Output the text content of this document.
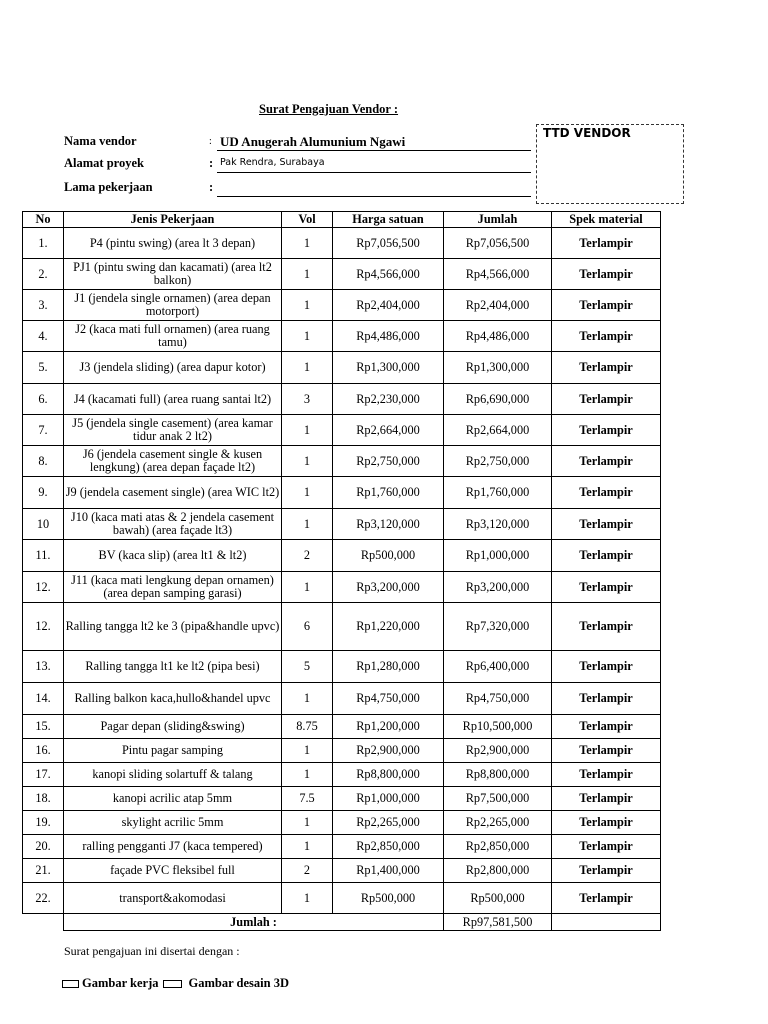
Surat Pengajuan Vendor :
Nama vendor	: UD Anugerah Alumunium Ngawi
Alamat proyek	: Pak Rendra, Surabaya
Lama pekerjaan	:
TTD VENDOR
No	Jenis Pekerjaan	Vol	Harga satuan	Jumlah	Spek material
1.	P4 (pintu swing) (area lt 3 depan)	1	Rp7,056,500	Rp7,056,500	Terlampir
2.	PJ1 (pintu swing dan kacamati) (area lt2 balkon)	1	Rp4,566,000	Rp4,566,000	Terlampir
3.	J1 (jendela single ornamen) (area depan motorport)	1	Rp2,404,000	Rp2,404,000	Terlampir
4.	J2 (kaca mati full ornamen) (area ruang tamu)	1	Rp4,486,000	Rp4,486,000	Terlampir
5.	J3 (jendela sliding) (area dapur kotor)	1	Rp1,300,000	Rp1,300,000	Terlampir
6.	J4 (kacamati full) (area ruang santai lt2)	3	Rp2,230,000	Rp6,690,000	Terlampir
7.	J5 (jendela single casement) (area kamar tidur anak 2 lt2)	1	Rp2,664,000	Rp2,664,000	Terlampir
8.	J6 (jendela casement single & kusen lengkung) (area depan façade lt2)	1	Rp2,750,000	Rp2,750,000	Terlampir
9.	J9 (jendela casement single) (area WIC lt2)	1	Rp1,760,000	Rp1,760,000	Terlampir
10	J10 (kaca mati atas & 2 jendela casement bawah) (area façade lt3)	1	Rp3,120,000	Rp3,120,000	Terlampir
11.	BV (kaca slip) (area lt1 & lt2)	2	Rp500,000	Rp1,000,000	Terlampir
12.	J11 (kaca mati lengkung depan ornamen) (area depan samping garasi)	1	Rp3,200,000	Rp3,200,000	Terlampir
12.	Ralling tangga lt2 ke 3 (pipa&handle upvc)	6	Rp1,220,000	Rp7,320,000	Terlampir
13.	Ralling tangga lt1 ke lt2 (pipa besi)	5	Rp1,280,000	Rp6,400,000	Terlampir
14.	Ralling balkon kaca,hullo&handel upvc	1	Rp4,750,000	Rp4,750,000	Terlampir
15.	Pagar depan (sliding&swing)	8.75	Rp1,200,000	Rp10,500,000	Terlampir
16.	Pintu pagar samping	1	Rp2,900,000	Rp2,900,000	Terlampir
17.	kanopi sliding solartuff & talang	1	Rp8,800,000	Rp8,800,000	Terlampir
18.	kanopi acrilic atap 5mm	7.5	Rp1,000,000	Rp7,500,000	Terlampir
19.	skylight acrilic 5mm	1	Rp2,265,000	Rp2,265,000	Terlampir
20.	ralling pengganti J7 (kaca tempered)	1	Rp2,850,000	Rp2,850,000	Terlampir
21.	façade PVC fleksibel full	2	Rp1,400,000	Rp2,800,000	Terlampir
22.	transport&akomodasi	1	Rp500,000	Rp500,000	Terlampir
	Jumlah :			Rp97,581,500	
Surat pengajuan ini disertai dengan :
Gambar kerja Gambar desain 3D
